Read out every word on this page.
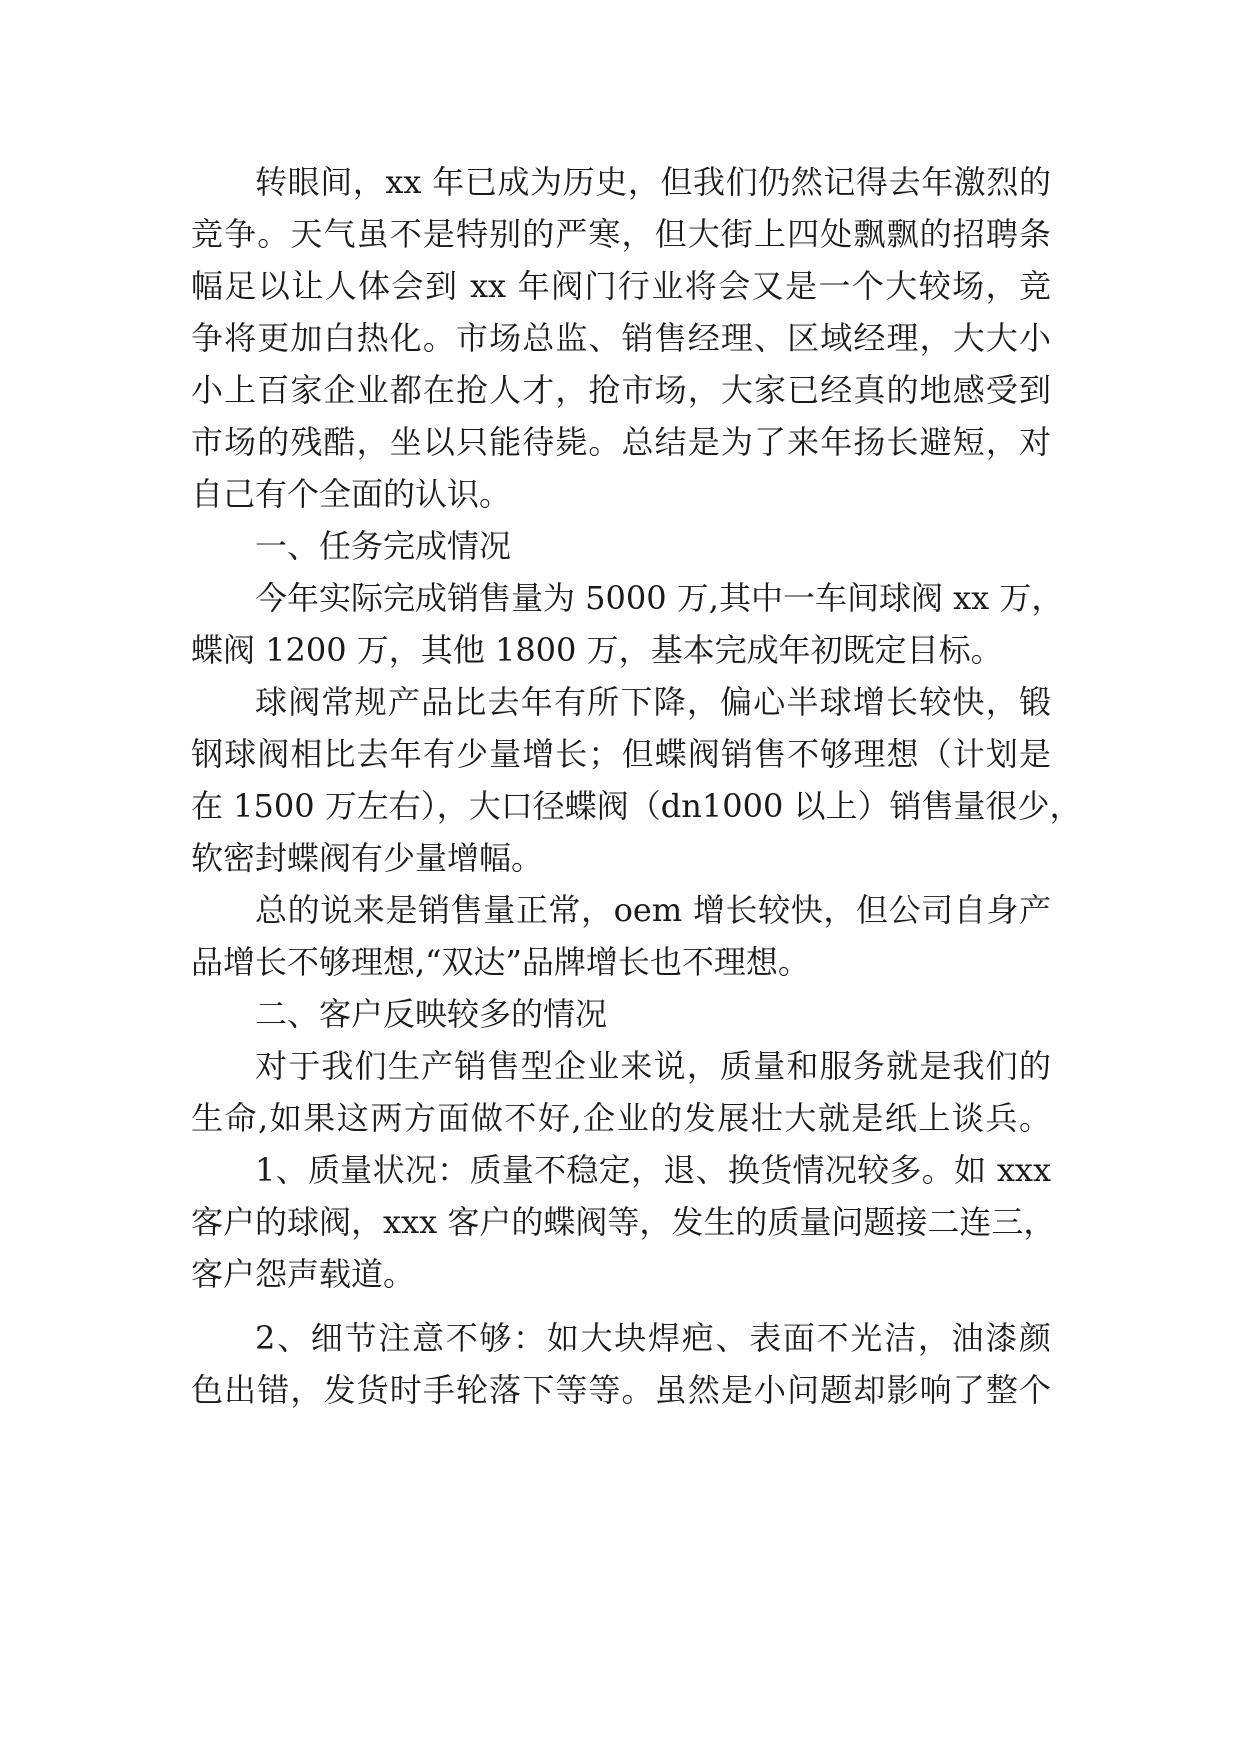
转眼间，xx 年已成为历史，但我们仍然记得去年激烈的
竞争。天气虽不是特别的严寒，但大街上四处飘飘的招聘条
幅足以让人体会到 xx 年阀门行业将会又是一个大较场，竞
争将更加白热化。市场总监、销售经理、区域经理，大大小
小上百家企业都在抢人才，抢市场，大家已经真的地感受到
市场的残酷，坐以只能待毙。总结是为了来年扬长避短，对
自己有个全面的认识。
一、任务完成情况
今年实际完成销售量为 5000 万,其中一车间球阀 xx 万，
蝶阀 1200 万，其他 1800 万，基本完成年初既定目标。
球阀常规产品比去年有所下降，偏心半球增长较快，锻
钢球阀相比去年有少量增长；但蝶阀销售不够理想（计划是
在 1500 万左右），大口径蝶阀（dn1000 以上）销售量很少，
软密封蝶阀有少量增幅。
总的说来是销售量正常，oem 增长较快，但公司自身产
品增长不够理想,“双达”品牌增长也不理想。
二、客户反映较多的情况
对于我们生产销售型企业来说，质量和服务就是我们的
生命,如果这两方面做不好,企业的发展壮大就是纸上谈兵。
1、质量状况：质量不稳定，退、换货情况较多。如 xxx
客户的球阀，xxx 客户的蝶阀等，发生的质量问题接二连三，
客户怨声载道。
2、细节注意不够：如大块焊疤、表面不光洁，油漆颜
色出错，发货时手轮落下等等。虽然是小问题却影响了整个
